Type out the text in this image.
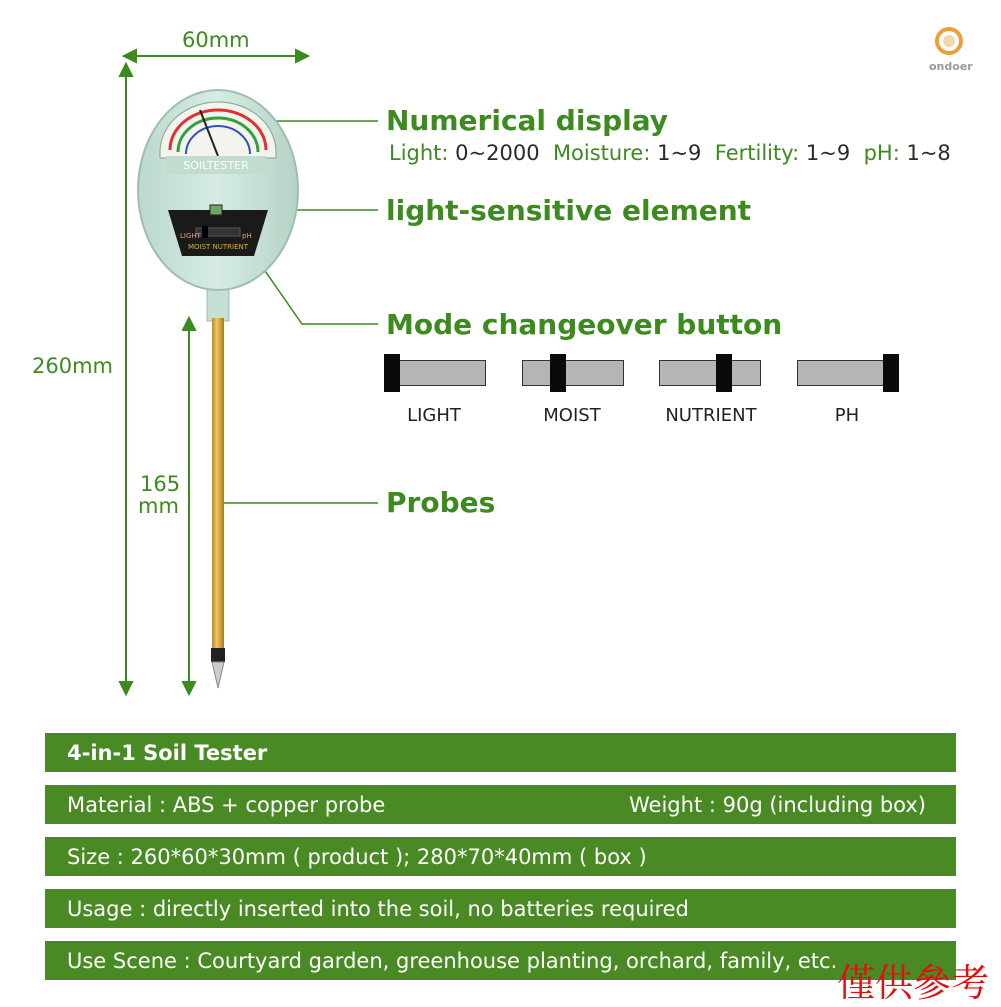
60mm
260mm
165
mm
SOILTESTER
LIGHT	pH
MOIST NUTRIENT
ondoer
Numerical display
Light: 0~2000 Moisture: 1~9 Fertility: 1~9 pH: 1~8
light-sensitive element
Mode changeover button
Probes
LIGHT	MOIST	NUTRIENT	PH
4-in-1 Soil Tester
Material : ABS + copper probe	Weight : 90g (including box)
Size : 260*60*30mm ( product ); 280*70*40mm ( box )
Usage : directly inserted into the soil, no batteries required
Use Scene : Courtyard garden, greenhouse planting, orchard, family, etc. 僅供參考
